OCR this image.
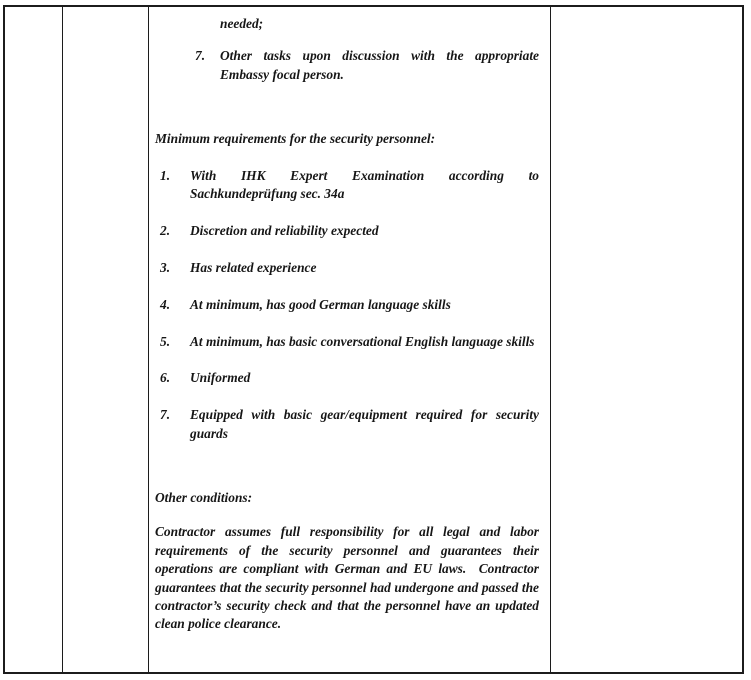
needed;
7. Other tasks upon discussion with the appropriate Embassy focal person.
Minimum requirements for the security personnel:
1. With IHK Expert Examination according to Sachkundeprüfung sec. 34a
2. Discretion and reliability expected
3. Has related experience
4. At minimum, has good German language skills
5. At minimum, has basic conversational English language skills
6. Uniformed
7. Equipped with basic gear/equipment required for security guards
Other conditions:
Contractor assumes full responsibility for all legal and labor requirements of the security personnel and guarantees their operations are compliant with German and EU laws.  Contractor guarantees that the security personnel had undergone and passed the contractor’s security check and that the personnel have an updated clean police clearance.
